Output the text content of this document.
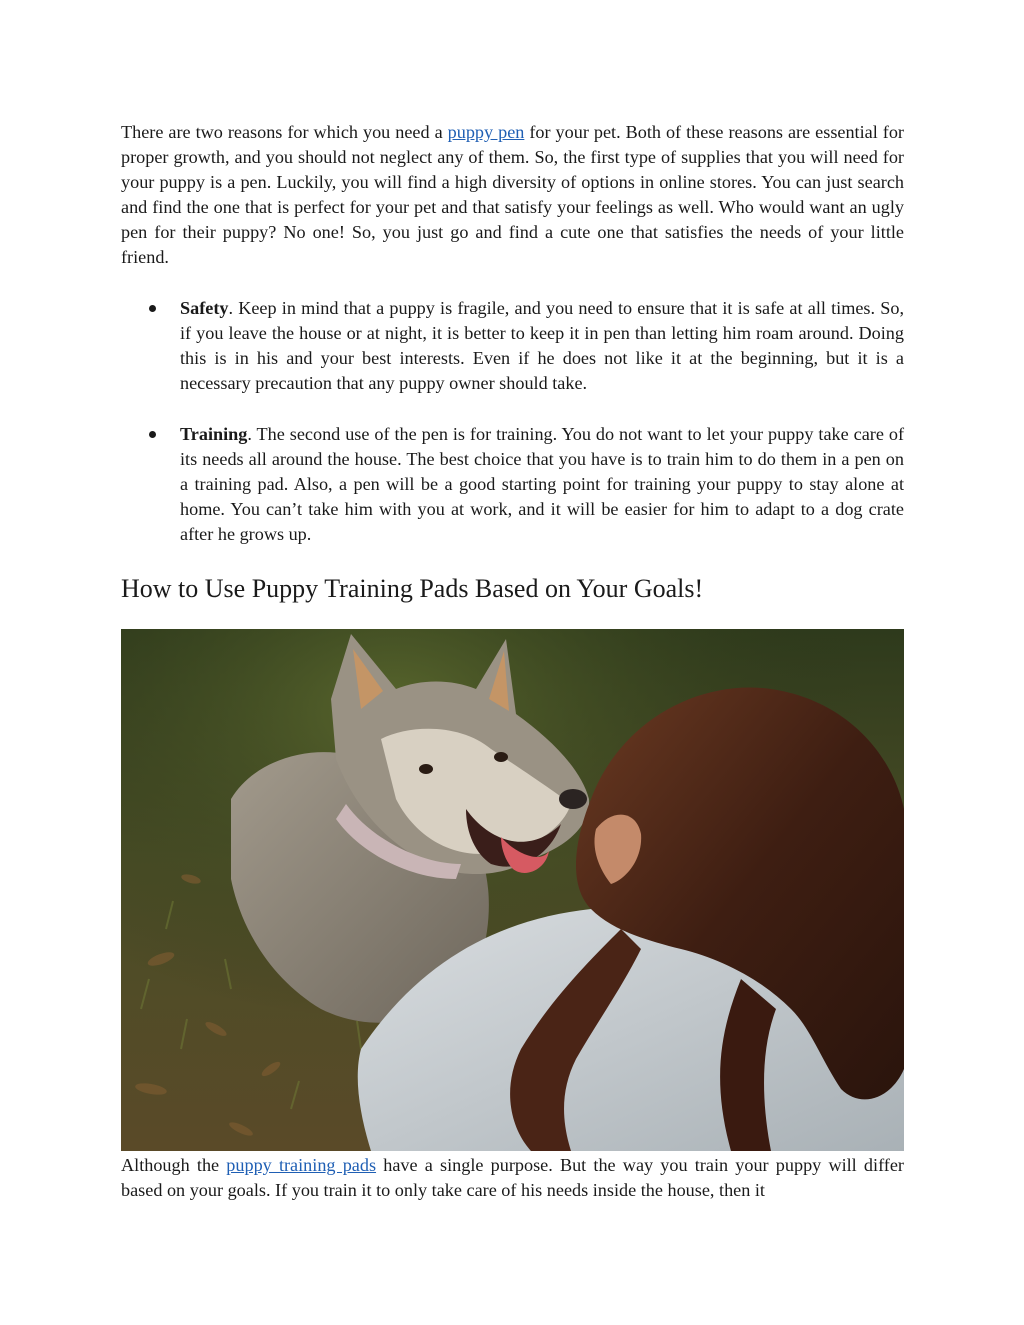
There are two reasons for which you need a puppy pen for your pet. Both of these reasons are essential for proper growth, and you should not neglect any of them. So, the first type of supplies that you will need for your puppy is a pen. Luckily, you will find a high diversity of options in online stores. You can just search and find the one that is perfect for your pet and that satisfy your feelings as well. Who would want an ugly pen for their puppy? No one! So, you just go and find a cute one that satisfies the needs of your little friend.

Safety. Keep in mind that a puppy is fragile, and you need to ensure that it is safe at all times. So, if you leave the house or at night, it is better to keep it in pen than letting him roam around. Doing this is in his and your best interests. Even if he does not like it at the beginning, but it is a necessary precaution that any puppy owner should take.

Training. The second use of the pen is for training. You do not want to let your puppy take care of its needs all around the house. The best choice that you have is to train him to do them in a pen on a training pad. Also, a pen will be a good starting point for training your puppy to stay alone at home. You can’t take him with you at work, and it will be easier for him to adapt to a dog crate after he grows up.

How to Use Puppy Training Pads Based on Your Goals!

Although the puppy training pads have a single purpose. But the way you train your puppy will differ based on your goals. If you train it to only take care of his needs inside the house, then it
